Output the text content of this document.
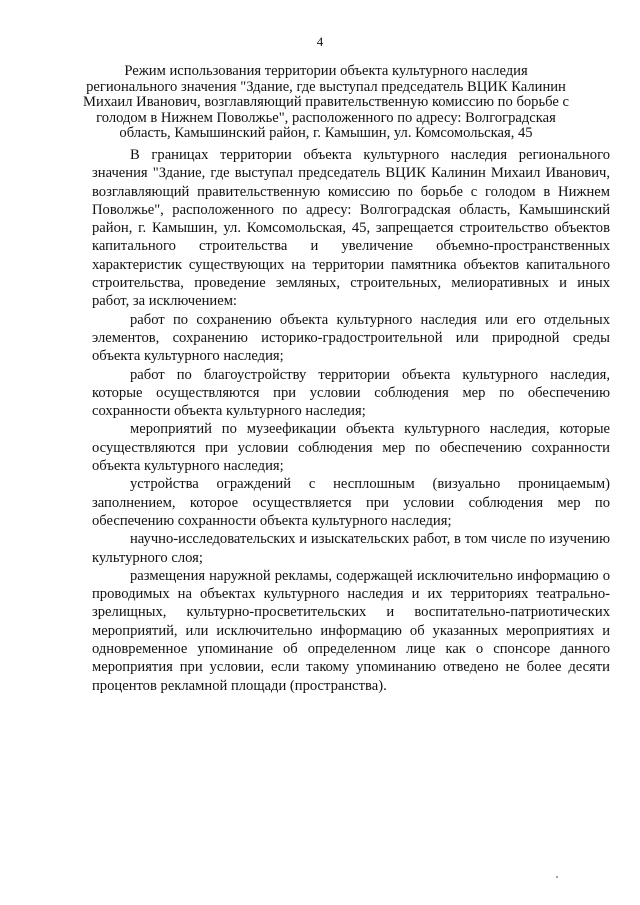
4
Режим использования территории объекта культурного наследия регионального значения "Здание, где выступал председатель ВЦИК Калинин Михаил Иванович, возглавляющий правительственную комиссию по борьбе с голодом в Нижнем Поволжье", расположенного по адресу: Волгоградская область, Камышинский район, г. Камышин, ул. Комсомольская, 45

В границах территории объекта культурного наследия регионального значения "Здание, где выступал председатель ВЦИК Калинин Михаил Иванович, возглавляющий правительственную комиссию по борьбе с голодом в Нижнем Поволжье", расположенного по адресу: Волгоградская область, Камышинский район, г. Камышин, ул. Комсомольская, 45, запрещается строительство объектов капитального строительства и увеличение объемно-пространственных характеристик существующих на территории памятника объектов капитального строительства, проведение земляных, строительных, мелиоративных и иных работ, за исключением:

работ по сохранению объекта культурного наследия или его отдельных элементов, сохранению историко-градостроительной или природной среды объекта культурного наследия;

работ по благоустройству территории объекта культурного наследия, которые осуществляются при условии соблюдения мер по обеспечению сохранности объекта культурного наследия;

мероприятий по музеефикации объекта культурного наследия, которые осуществляются при условии соблюдения мер по обеспечению сохранности объекта культурного наследия;

устройства ограждений с несплошным (визуально проницаемым) заполнением, которое осуществляется при условии соблюдения мер по обеспечению сохранности объекта культурного наследия;

научно-исследовательских и изыскательских работ, в том числе по изучению культурного слоя;

размещения наружной рекламы, содержащей исключительно информацию о проводимых на объектах культурного наследия и их территориях театрально-зрелищных, культурно-просветительских и воспитательно-патриотических мероприятий, или исключительно информацию об указанных мероприятиях и одновременное упоминание об определенном лице как о спонсоре данного мероприятия при условии, если такому упоминанию отведено не более десяти процентов рекламной площади (пространства).
